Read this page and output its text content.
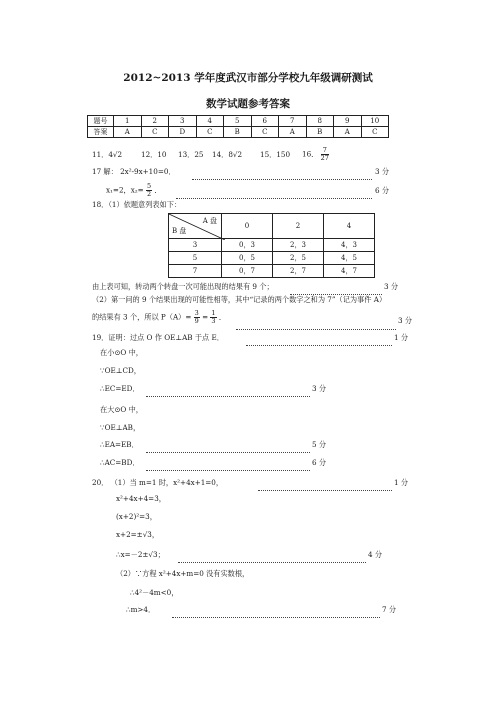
2012~2013 学年度武汉市部分学校九年级调研测试
数学试题参考答案
题号	1	2	3	4	5	6	7	8	9	10
答案	A	C	D	C	B	C	A	B	A	C
11．4√2	12．10 13．25 14．8√2 15．150 16． $\frac{7}{27}$
17 解： 2x²-9x+10=0．	3 分
x₁=2，$x_2= \frac{5}{2}$ ．	6 分
18．（1）依题意列表如下：
A 盘
B 盘	0	2	4
3	0，3	2，3	4，3
5	0，5	2，5	4，5
7	0，7	2，7	4，7
由上表可知，转动两个转盘一次可能出现的结果有 9 个；	3 分
（2）第一问的 9 个结果出现的可能性相等，其中“记录的两个数字之和为 7”（记为事件 A）
的结果有 3 个，所以 $P(A)= \frac{3}{9} = \frac{1}{3}$ ．	3 分
19．证明：过点 O 作 OE⊥AB 于点 E．	1 分
在小⊙O 中，
∵OE⊥CD，
∴EC=ED．	3 分
在大⊙O 中，
∵OE⊥AB，
∴EA=EB．	5 分
∴AC=BD．	6 分
20． （1）当 m=1 时，x²+4x+1=0，	1 分
x²+4x+4=3，
(x+2)²=3，
x+2=±√3，
∴x=－2±√3；	4 分
（2）∵方程 x²+4x+m=0 没有实数根，
∴4²－4m<0，
∴m>4．	7 分
